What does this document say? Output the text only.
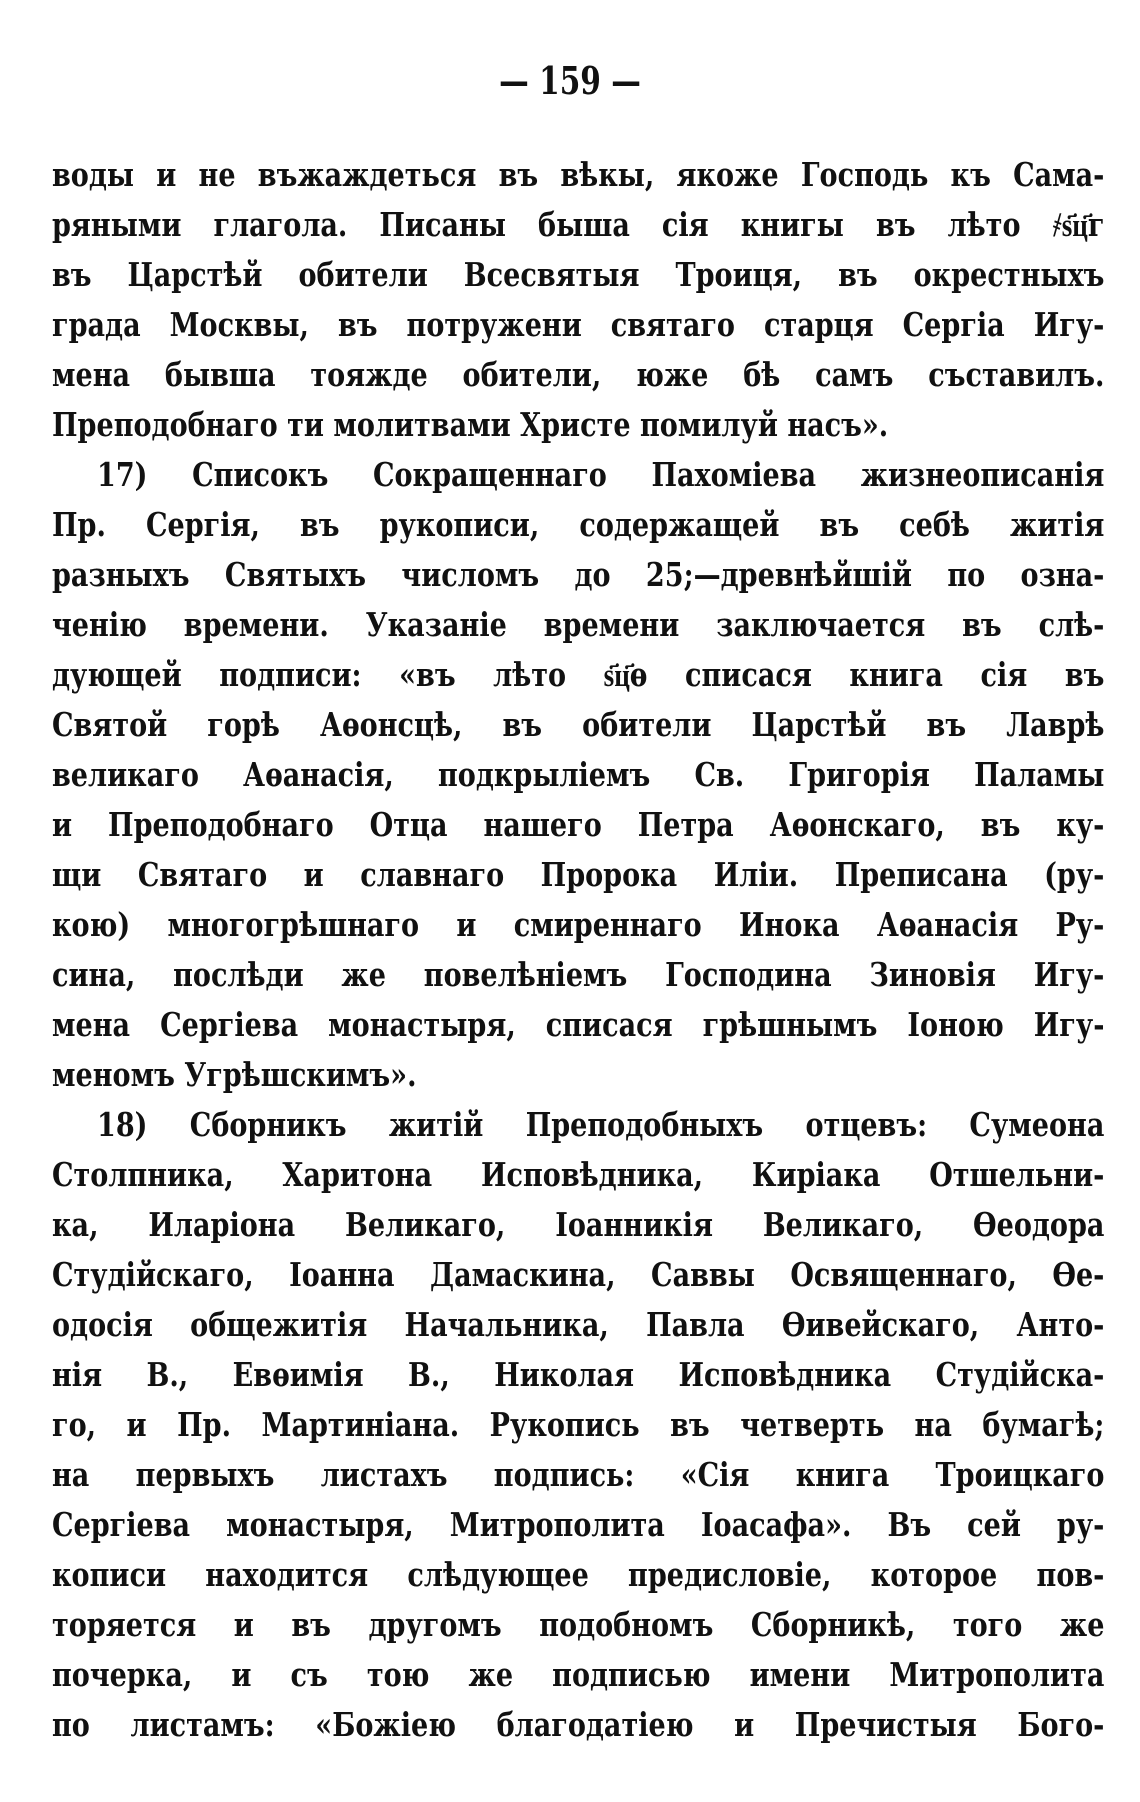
— 159 —
воды и не въжаждеться въ вѣкы, якоже Господь къ Сама-
ряными глагола. Писаны быша сія книгы въ лѣто ҂ѕ҃ц҃г
въ Царстѣй обители Всесвятыя Троиця, въ окрестныхъ
града Москвы, въ потружени святаго старця Сергіа Игу-
мена бывша тояжде обители, юже бѣ самъ съставилъ.
Преподобнаго ти молитвами Христе помилуй насъ».
17) Списокъ Сокращеннаго Пахоміева жизнеописанія
Пр. Сергія, въ рукописи, содержащей въ себѣ житія
разныхъ Святыхъ числомъ до 25;—древнѣйшій по озна-
ченію времени. Указаніе времени заключается въ слѣ-
дующей подписи: «въ лѣто ѕ҃ц҃ѳ списася книга сія въ
Святой горѣ Аѳонсцѣ, въ обители Царстѣй въ Лаврѣ
великаго Аѳанасія, подкрыліемъ Св. Григорія Паламы
и Преподобнаго Отца нашего Петра Аѳонскаго, въ ку-
щи Святаго и славнаго Пророка Иліи. Преписана (ру-
кою) многогрѣшнаго и смиреннаго Инока Аѳанасія Ру-
сина, послѣди же повелѣніемъ Господина Зиновія Игу-
мена Сергіева монастыря, списася грѣшнымъ Іоною Игу-
меномъ Угрѣшскимъ».
18) Сборникъ житій Преподобныхъ отцевъ: Сумеона
Столпника, Харитона Исповѣдника, Киріака Отшельни-
ка, Иларіона Великаго, Іоанникія Великаго, Ѳеодора
Студійскаго, Іоанна Дамаскина, Саввы Освященнаго, Ѳе-
одосія общежитія Начальника, Павла Ѳивейскаго, Анто-
нія В., Евѳимія В., Николая Исповѣдника Студійска-
го, и Пр. Мартиніана. Рукопись въ четверть на бумагѣ;
на первыхъ листахъ подпись: «Сія книга Троицкаго
Сергіева монастыря, Митрополита Іоасафа». Въ сей ру-
кописи находится слѣдующее предисловіе, которое пов-
торяется и въ другомъ подобномъ Сборникѣ, того же
почерка, и съ тою же подписью имени Митрополита
по листамъ: «Божіею благодатіею и Пречистыя Бого-
